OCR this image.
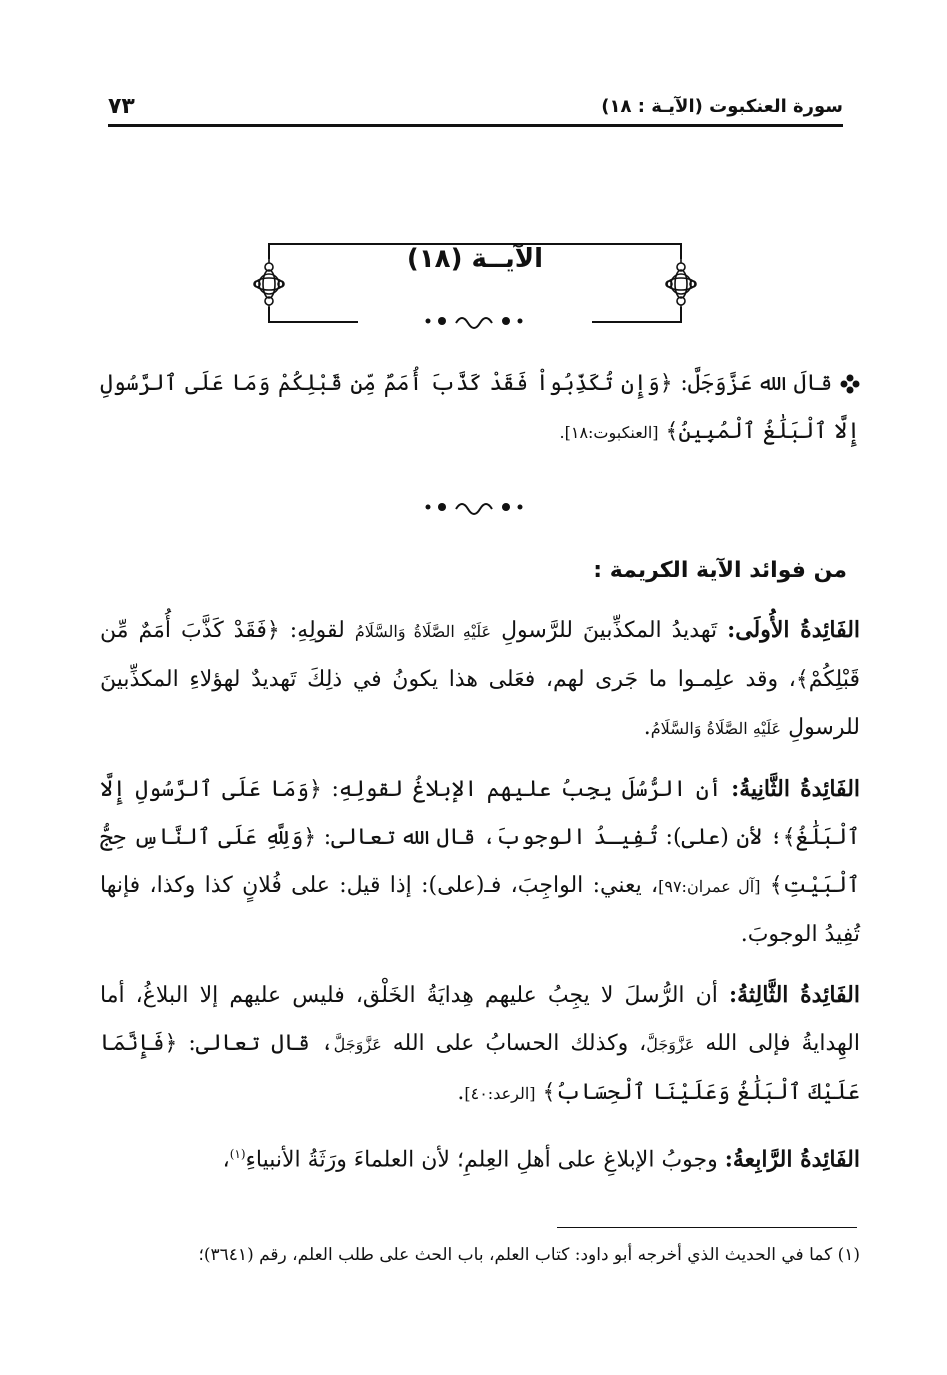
سورة العنكبوت (الآيـة : ١٨)
٧٣
الآيــة (١٨)

قالَ الله عَزَّوَجَلَّ: ﴿وَإِن تُكَذِّبُواْ فَقَدْ كَذَّبَ أُمَمٌ مِّن قَبْلِكُمْ وَمَا عَلَى ٱلرَّسُولِ إِلَّا ٱلْبَلَٰغُ ٱلْمُبِينُ﴾ [العنكبوت:١٨].

من فوائد الآية الكريمة :

الفَائِدةُ الأُولَى: تَهديدُ المكذِّبينَ للرَّسولِ عَلَيْهِ الصَّلَاةُ وَالسَّلَامُ لقولِهِ: ﴿فَقَدْ كَذَّبَ أُمَمٌ مِّن قَبْلِكُمْ﴾، وقد علِمـوا ما جَرى لهم، فعَلى هذا يكونُ في ذلِكَ تَهديدٌ لهؤلاءِ المكذِّبينَ للرسولِ عَلَيْهِ الصَّلَاةُ وَالسَّلَامُ.

الفَائِدةُ الثَّانِيةُ: أن الرُّسُلَ يجِبُ عليهم الإبلاغُ لقولِهِ: ﴿وَمَا عَلَى ٱلرَّسُولِ إِلَّا ٱلْبَلَٰغُ﴾؛ لأن (على): تُفِيـدُ الوجوبَ، قال الله تعالى: ﴿وَلِلَّهِ عَلَى ٱلنَّاسِ حِجُّ ٱلْبَيْتِ﴾ [آل عمران:٩٧]، يعني: الواجِبَ، فـ(على): إذا قيل: على فُلانٍ كذا وكذا، فإنها تُفِيدُ الوجوبَ.

الفَائِدةُ الثَّالِثةُ: أن الرُّسلَ لا يجِبُ عليهم هِدايَةُ الخَلْق، فليس عليهم إلا البلاغُ، أما الهِدايةُ فإلى الله عَزَّوَجَلَّ، وكذلك الحسابُ على الله عَزَّوَجَلَّ، قال تعالى: ﴿فَإِنَّمَا عَلَيْكَ ٱلْبَلَٰغُ وَعَلَيْنَا ٱلْحِسَابُ﴾ [الرعد:٤٠].

الفَائِدةُ الرَّابِعةُ: وجوبُ الإبلاغِ على أهلِ العِلمِ؛ لأن العلماءَ ورَثَةُ الأنبياءِ$^{(١)}$،

(١) كما في الحديث الذي أخرجه أبو داود: كتاب العلم، باب الحث على طلب العلم، رقم (٣٦٤١)؛
